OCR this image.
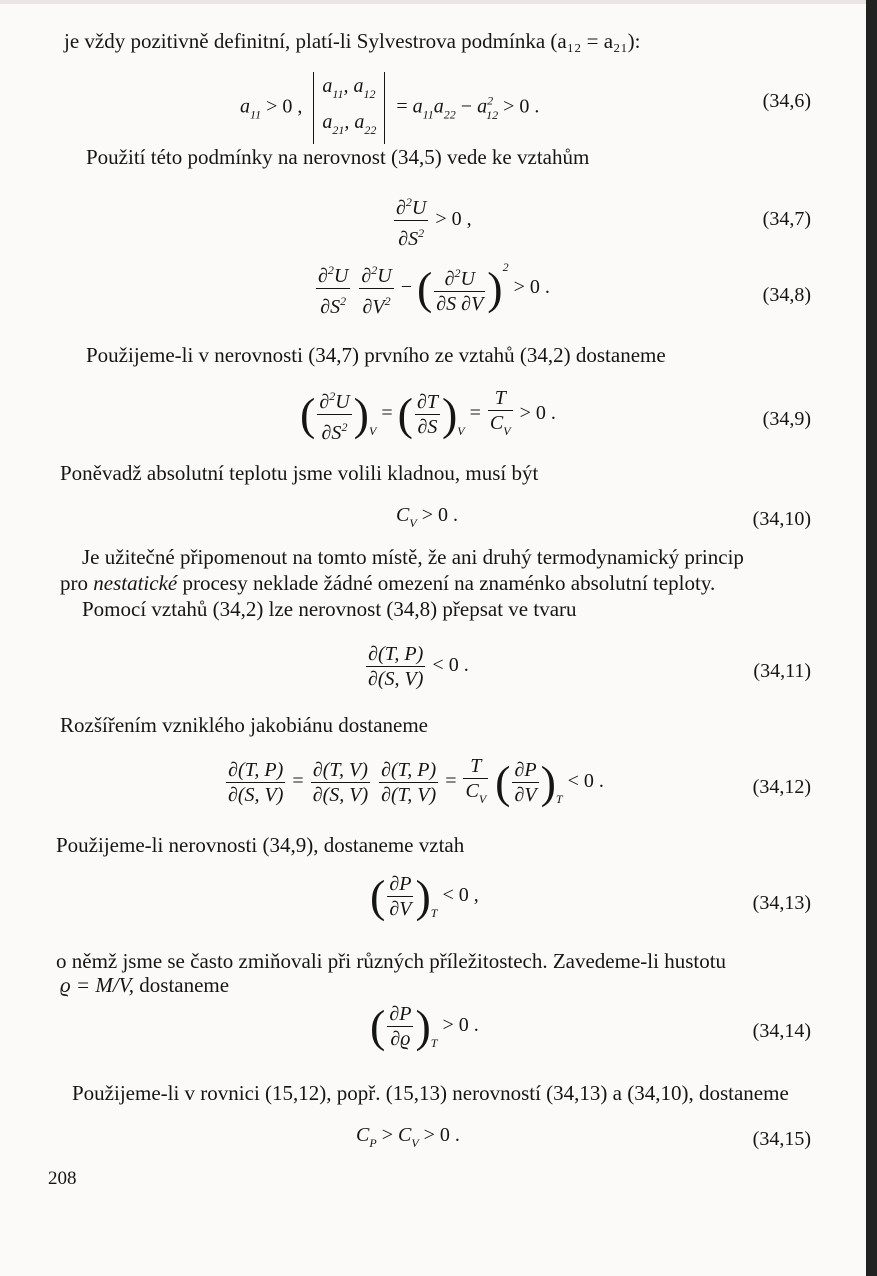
je vždy pozitivně definitní, platí-li Sylvestrova podmínka (a₁₂ = a₂₁):
$a_{11} > 0$ , $a_{11}$, $a_{12}$
$a_{21}$, $a_{22} = a_{11}a_{22} - a^2_{12} > 0$ .	(34,6)
Použití této podmínky na nerovnost (34,5) vede ke vztahům
$\frac{\partial^2U}{\partial S^2} > 0$ ,	(34,7)
$\frac{\partial^2U}{\partial S^2}$
$\frac{\partial^2U}{\partial V^2}$ − ( $\frac{\partial^2U}{\partial S \partial V} )^2 > 0$ .	(34,8)
Použijeme-li v nerovnosti (34,7) prvního ze vztahů (34,2) dostaneme
( $\frac{\partial^2U}{\partial S^2} )_V$ = ( $\frac{\partial T}{\partial S} )_V = \frac{T}{C_V} > 0$ .	(34,9)
Poněvadž absolutní teplotu jsme volili kladnou, musí být
$C_V > 0$ .	(34,10)
Je užitečné připomenout na tomto místě, že ani druhý termodynamický princip
pro nestatické procesy neklade žádné omezení na znaménko absolutní teploty.
Pomocí vztahů (34,2) lze nerovnost (34,8) přepsat ve tvaru
$\frac{\partial(T, P)}{\partial(S, V)} < 0$ .	(34,11)
Rozšířením vzniklého jakobiánu dostaneme
$\frac{\partial(T, P)}{\partial(S, V)} = \frac{\partial(T, V)}{\partial(S, V)}$
$\frac{\partial(T, P)}{\partial(T, V)} = \frac{T}{C_V}$ ( $\frac{\partial P}{\partial V} )_T < 0$ .	(34,12)
Použijeme-li nerovnosti (34,9), dostaneme vztah
( $\frac{\partial P}{\partial V} )_T < 0$ ,	(34,13)
o němž jsme se často zmiňovali při různých příležitostech. Zavedeme-li hustotu
ϱ = M/V, dostaneme
( $\frac{\partial P}{\partial ϱ} )_T > 0$ .	(34,14)
Použijeme-li v rovnici (15,12), popř. (15,13) nerovností (34,13) a (34,10), dostaneme
$C_P > C_V > 0$ .	(34,15)
208
